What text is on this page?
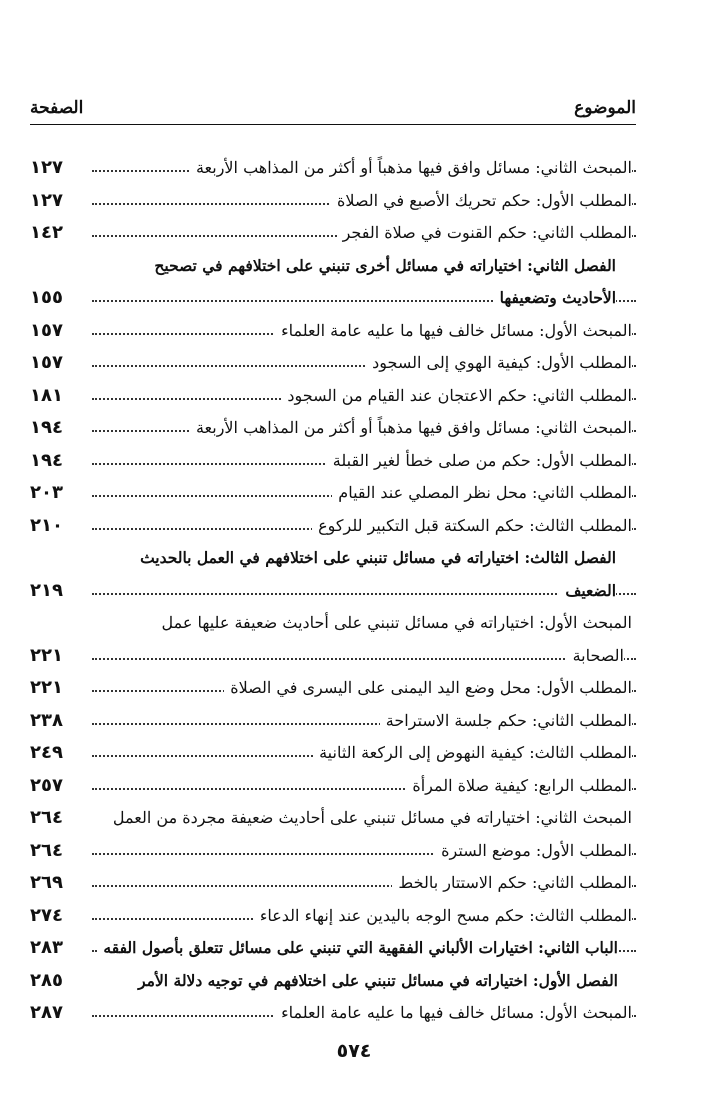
الموضوع
الصفحة
١٢٧	المبحث الثاني: مسائل وافق فيها مذهباً أو أكثر من المذاهب الأربعة
١٢٧	المطلب الأول: حكم تحريك الأصبع في الصلاة
١٤٢	المطلب الثاني: حكم القنوت في صلاة الفجر
الفصل الثاني: اختياراته في مسائل أخرى تنبني على اختلافهم في تصحيح
١٥٥	الأحاديث وتضعيفها
١٥٧	المبحث الأول: مسائل خالف فيها ما عليه عامة العلماء
١٥٧	المطلب الأول: كيفية الهوي إلى السجود
١٨١	المطلب الثاني: حكم الاعتجان عند القيام من السجود
١٩٤	المبحث الثاني: مسائل وافق فيها مذهباً أو أكثر من المذاهب الأربعة
١٩٤	المطلب الأول: حكم من صلى خطأ لغير القبلة
٢٠٣	المطلب الثاني: محل نظر المصلي عند القيام
٢١٠	المطلب الثالث: حكم السكتة قبل التكبير للركوع
الفصل الثالث: اختياراته في مسائل تنبني على اختلافهم في العمل بالحديث
٢١٩	الضعيف
المبحث الأول: اختياراته في مسائل تنبني على أحاديث ضعيفة عليها عمل
٢٢١	الصحابة
٢٢١	المطلب الأول: محل وضع اليد اليمنى على اليسرى في الصلاة
٢٣٨	المطلب الثاني: حكم جلسة الاستراحة
٢٤٩	المطلب الثالث: كيفية النهوض إلى الركعة الثانية
٢٥٧	المطلب الرابع: كيفية صلاة المرأة
٢٦٤	المبحث الثاني: اختياراته في مسائل تنبني على أحاديث ضعيفة مجردة من العمل
٢٦٤	المطلب الأول: موضع السترة
٢٦٩	المطلب الثاني: حكم الاستتار بالخط
٢٧٤	المطلب الثالث: حكم مسح الوجه باليدين عند إنهاء الدعاء
٢٨٣	الباب الثاني: اختيارات الألباني الفقهية التي تنبني على مسائل تتعلق بأصول الفقه
٢٨٥	الفصل الأول: اختياراته في مسائل تنبني على اختلافهم في توجيه دلالة الأمر
٢٨٧	المبحث الأول: مسائل خالف فيها ما عليه عامة العلماء
٥٧٤
